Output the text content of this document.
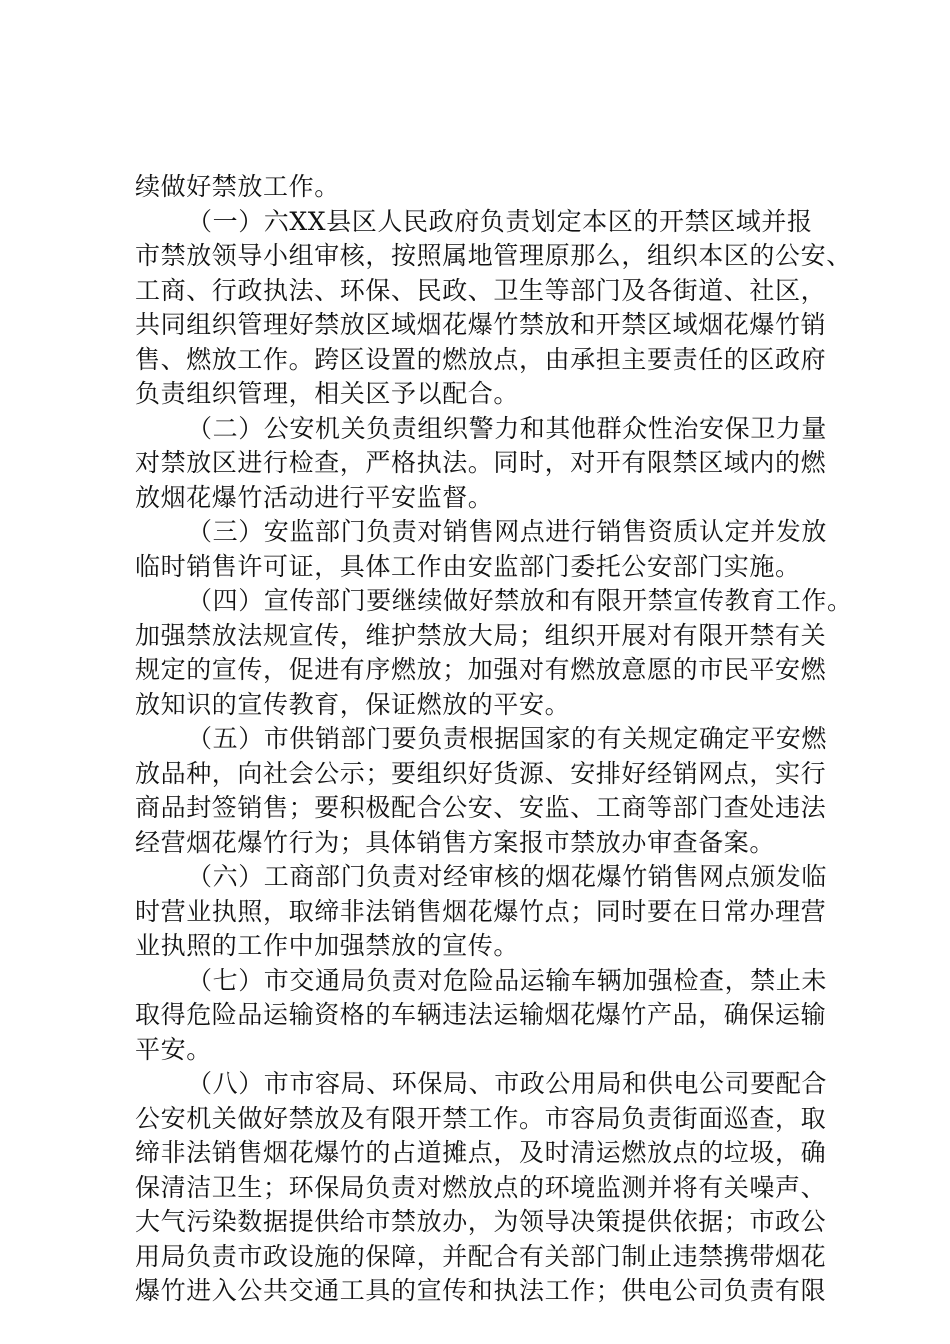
续做好禁放工作。
（一）六XX县区人民政府负责划定本区的开禁区域并报
市禁放领导小组审核，按照属地管理原那么，组织本区的公安、
工商、行政执法、环保、民政、卫生等部门及各街道、社区，
共同组织管理好禁放区域烟花爆竹禁放和开禁区域烟花爆竹销
售、燃放工作。跨区设置的燃放点，由承担主要责任的区政府
负责组织管理，相关区予以配合。
（二）公安机关负责组织警力和其他群众性治安保卫力量
对禁放区进行检查，严格执法。同时，对开有限禁区域内的燃
放烟花爆竹活动进行平安监督。
（三）安监部门负责对销售网点进行销售资质认定并发放
临时销售许可证，具体工作由安监部门委托公安部门实施。
（四）宣传部门要继续做好禁放和有限开禁宣传教育工作。
加强禁放法规宣传，维护禁放大局；组织开展对有限开禁有关
规定的宣传，促进有序燃放；加强对有燃放意愿的市民平安燃
放知识的宣传教育，保证燃放的平安。
（五）市供销部门要负责根据国家的有关规定确定平安燃
放品种，向社会公示；要组织好货源、安排好经销网点，实行
商品封签销售；要积极配合公安、安监、工商等部门查处违法
经营烟花爆竹行为；具体销售方案报市禁放办审查备案。
（六）工商部门负责对经审核的烟花爆竹销售网点颁发临
时营业执照，取缔非法销售烟花爆竹点；同时要在日常办理营
业执照的工作中加强禁放的宣传。
（七）市交通局负责对危险品运输车辆加强检查，禁止未
取得危险品运输资格的车辆违法运输烟花爆竹产品，确保运输
平安。
（八）市市容局、环保局、市政公用局和供电公司要配合
公安机关做好禁放及有限开禁工作。市容局负责街面巡查，取
缔非法销售烟花爆竹的占道摊点，及时清运燃放点的垃圾，确
保清洁卫生；环保局负责对燃放点的环境监测并将有关噪声、
大气污染数据提供给市禁放办，为领导决策提供依据；市政公
用局负责市政设施的保障，并配合有关部门制止违禁携带烟花
爆竹进入公共交通工具的宣传和执法工作；供电公司负责有限
